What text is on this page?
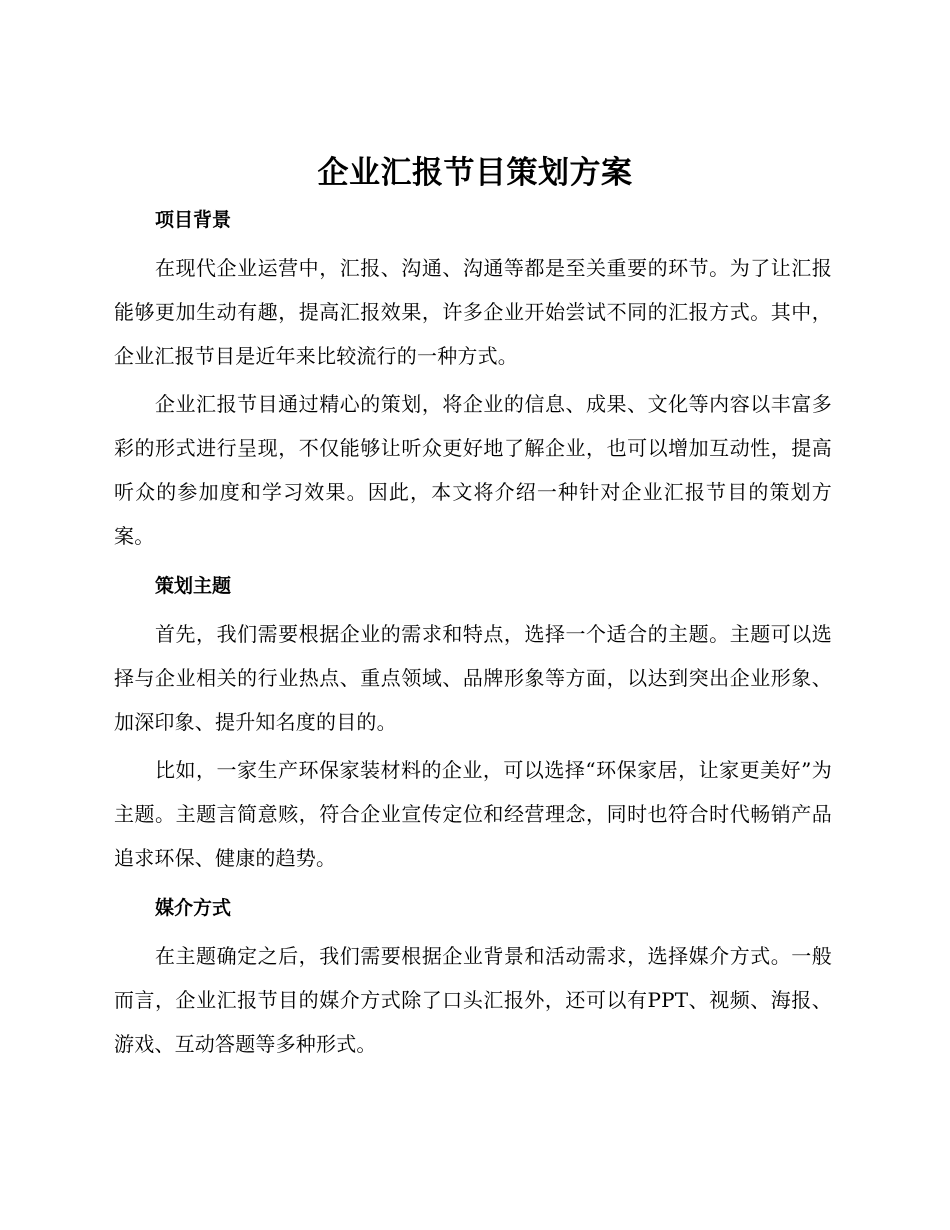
企业汇报节目策划方案
项目背景

在现代企业运营中，汇报、沟通、沟通等都是至关重要的环节。为了让汇报能够更加生动有趣，提高汇报效果，许多企业开始尝试不同的汇报方式。其中，企业汇报节目是近年来比较流行的一种方式。

企业汇报节目通过精心的策划，将企业的信息、成果、文化等内容以丰富多彩的形式进行呈现，不仅能够让听众更好地了解企业，也可以增加互动性，提高听众的参加度和学习效果。因此，本文将介绍一种针对企业汇报节目的策划方案。

策划主题

首先，我们需要根据企业的需求和特点，选择一个适合的主题。主题可以选择与企业相关的行业热点、重点领域、品牌形象等方面，以达到突出企业形象、加深印象、提升知名度的目的。

比如，一家生产环保家装材料的企业，可以选择“环保家居，让家更美好”为主题。主题言简意赅，符合企业宣传定位和经营理念，同时也符合时代畅销产品追求环保、健康的趋势。

媒介方式

在主题确定之后，我们需要根据企业背景和活动需求，选择媒介方式。一般而言，企业汇报节目的媒介方式除了口头汇报外，还可以有PPT、视频、海报、游戏、互动答题等多种形式。
